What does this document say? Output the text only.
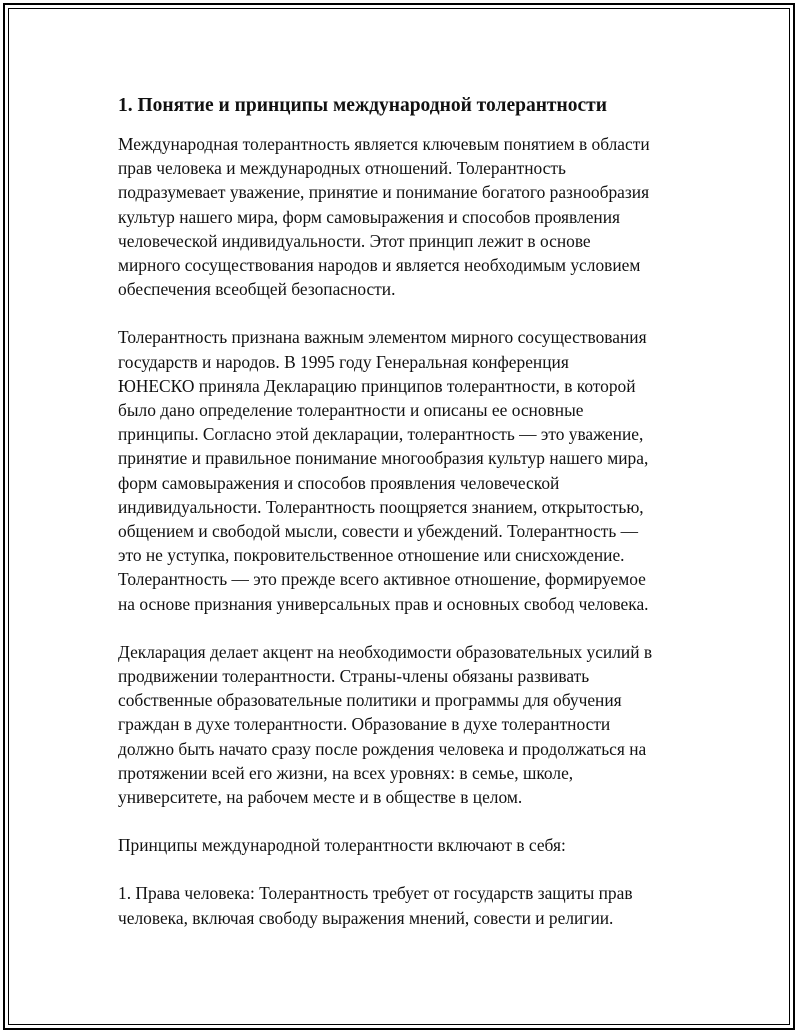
1. Понятие и принципы международной толерантности

Международная толерантность является ключевым понятием в области
прав человека и международных отношений. Толерантность
подразумевает уважение, принятие и понимание богатого разнообразия
культур нашего мира, форм самовыражения и способов проявления
человеческой индивидуальности. Этот принцип лежит в основе
мирного сосуществования народов и является необходимым условием
обеспечения всеобщей безопасности.

Толерантность признана важным элементом мирного сосуществования
государств и народов. В 1995 году Генеральная конференция
ЮНЕСКО приняла Декларацию принципов толерантности, в которой
было дано определение толерантности и описаны ее основные
принципы. Согласно этой декларации, толерантность — это уважение,
принятие и правильное понимание многообразия культур нашего мира,
форм самовыражения и способов проявления человеческой
индивидуальности. Толерантность поощряется знанием, открытостью,
общением и свободой мысли, совести и убеждений. Толерантность —
это не уступка, покровительственное отношение или снисхождение.
Толерантность — это прежде всего активное отношение, формируемое
на основе признания универсальных прав и основных свобод человека.

Декларация делает акцент на необходимости образовательных усилий в
продвижении толерантности. Страны-члены обязаны развивать
собственные образовательные политики и программы для обучения
граждан в духе толерантности. Образование в духе толерантности
должно быть начато сразу после рождения человека и продолжаться на
протяжении всей его жизни, на всех уровнях: в семье, школе,
университете, на рабочем месте и в обществе в целом.

Принципы международной толерантности включают в себя:

1. Права человека: Толерантность требует от государств защиты прав
человека, включая свободу выражения мнений, совести и религии.
